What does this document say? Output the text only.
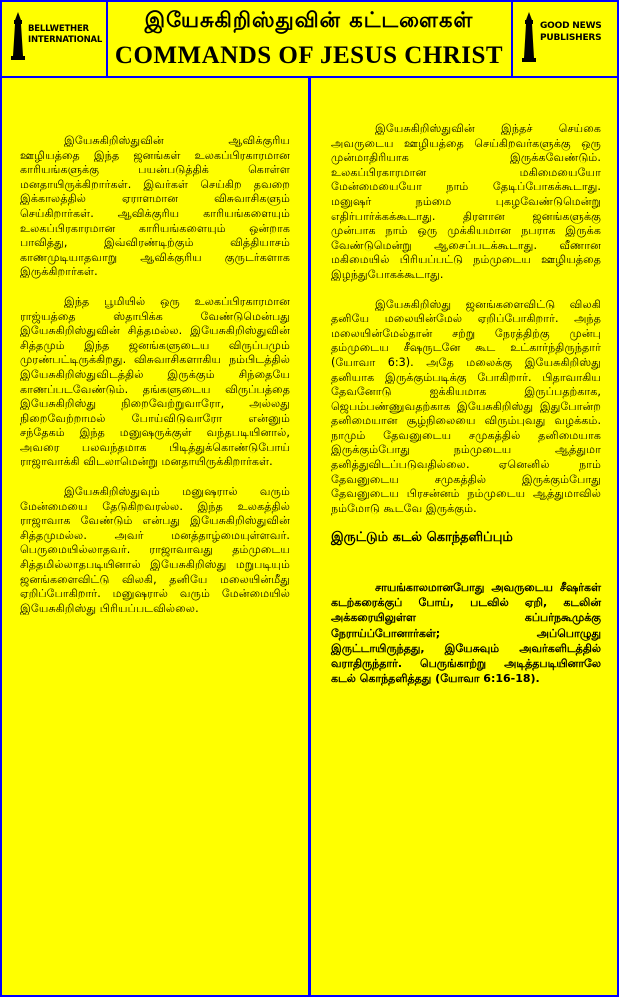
BELLWETHER INTERNATIONAL
இயேசுகிறிஸ்துவின் கட்டளைகள்
COMMANDS OF JESUS CHRIST
GOOD NEWS PUBLISHERS

இயேசுகிறிஸ்துவின் ஆவிக்குரிய ஊழியத்தை இந்த ஜனங்கள் உலகப்பிரகாரமான காரியங்களுக்கு பயன்படுத்திக் கொள்ள மனதாயிருக்கிறார்கள். இவர்கள் செய்கிற தவறை இக்காலத்தில் ஏராளமான விசுவாசிகளும் செய்கிறார்கள். ஆவிக்குரிய காரியங்களையும் உலகப்பிரகாரமான காரியங்களையும் ஒன்றாக பாவித்து, இவ்விரண்டிற்கும் வித்தியாசம் காணமுடியாதவாறு ஆவிக்குரிய குருடர்களாக இருக்கிறார்கள்.

இந்த பூமியில் ஒரு உலகப்பிரகாரமான ராஜ்யத்தை ஸ்தாபிக்க வேண்டுமென்பது இயேசுகிறிஸ்துவின் சித்தமல்ல. இயேசுகிறிஸ்துவின் சித்தமும் இந்த ஜனங்களுடைய விருப்பமும் முரண்பட்டிருக்கிறது. விசுவாசிகளாகிய நம்பிடத்தில் இயேசுகிறிஸ்துவிடத்தில் இருக்கும் சிந்தையே காணப்படவேண்டும். தங்களுடைய விருப்பத்தை இயேசுகிறிஸ்து நிறைவேற்றுவாரோ, அல்லது நிறைவேற்றாமல் போய்விடுவாரோ என்னும் சந்தேகம் இந்த மனுஷருக்குள் வந்தபடியினால், அவரை பலவந்தமாக பிடித்துக்கொண்டுபோய் ராஜாவாக்கி விடலாமென்று மனதாயிருக்கிறார்கள்.

இயேசுகிறிஸ்துவும் மனுஷரால் வரும் மேன்மையை தேடுகிறவரல்ல. இந்த உலகத்தில் ராஜாவாக வேண்டும் என்பது இயேசுகிறிஸ்துவின் சித்தமுமல்ல. அவர் மனத்தாழ்மையுள்ளவர். பெருமையில்லாதவர். ராஜாவாவது தம்முடைய சித்தமில்லாதபடியினால் இயேசுகிறிஸ்து மறுபடியும் ஜனங்களைவிட்டு விலகி, தனியே மலையின்மீது ஏறிப்போகிறார். மனுஷரால் வரும் மேன்மையில் இயேசுகிறிஸ்து பிரியப்படவில்லை.

இயேசுகிறிஸ்துவின் இந்தச் செய்கை அவருடைய ஊழியத்தை செய்கிறவர்களுக்கு ஒரு முன்மாதிரியாக இருக்கவேண்டும். உலகப்பிரகாரமான மகிமையையோ மேன்மையையோ நாம் தேடிப்போகக்கூடாது. மனுஷர் நம்மை புகழவேண்டுமென்று எதிர்பார்க்கக்கூடாது. திரளான ஜனங்களுக்கு முன்பாக நாம் ஒரு முக்கியமான நபராக இருக்க வேண்டுமென்று ஆசைப்படக்கூடாது. வீணான மகிமையில் பிரியப்பட்டு நம்முடைய ஊழியத்தை இழந்துபோகக்கூடாது.

இயேசுகிறிஸ்து ஜனங்களைவிட்டு விலகி தனியே மலையின்மேல் ஏறிப்போகிறார். அந்த மலையின்மேல்தான் சற்று நேரத்திற்கு முன்பு தம்முடைய சீஷருடனே கூட உட்கார்ந்திருந்தார் (யோவா 6:3). அதே மலைக்கு இயேசுகிறிஸ்து தனியாக இருக்கும்படிக்கு போகிறார். பிதாவாகிய தேவனோடு ஐக்கியமாக இருப்பதற்காக, ஜெபம்பண்ணுவதற்காக இயேசுகிறிஸ்து இதுபோன்ற தனிமையான சூழ்நிலையை விரும்புவது வழக்கம். நாமும் தேவனுடைய சமுகத்தில் தனிமையாக இருக்கும்போது நம்முடைய ஆத்துமா தனித்துவிடப்படுவதில்லை. ஏனெனில் நாம் தேவனுடைய சமுகத்தில் இருக்கும்போது தேவனுடைய பிரசன்னம் நம்முடைய ஆத்துமாவில் நம்மோடு கூடவே இருக்கும்.

இருட்டும் கடல் கொந்தளிப்பும்

சாயங்காலமானபோது அவருடைய சீஷர்கள் கடற்கரைக்குப் போய், படவில் ஏறி, கடலின் அக்கரையிலுள்ள கப்பர்நகூமுக்கு நேராய்ப்போனார்கள்; அப்பொழுது இருட்டாயிருந்தது, இயேசுவும் அவர்களிடத்தில் வராதிருந்தார். பெருங்காற்று அடித்தபடியினாலே கடல் கொந்தளித்தது (யோவா 6:16-18).
